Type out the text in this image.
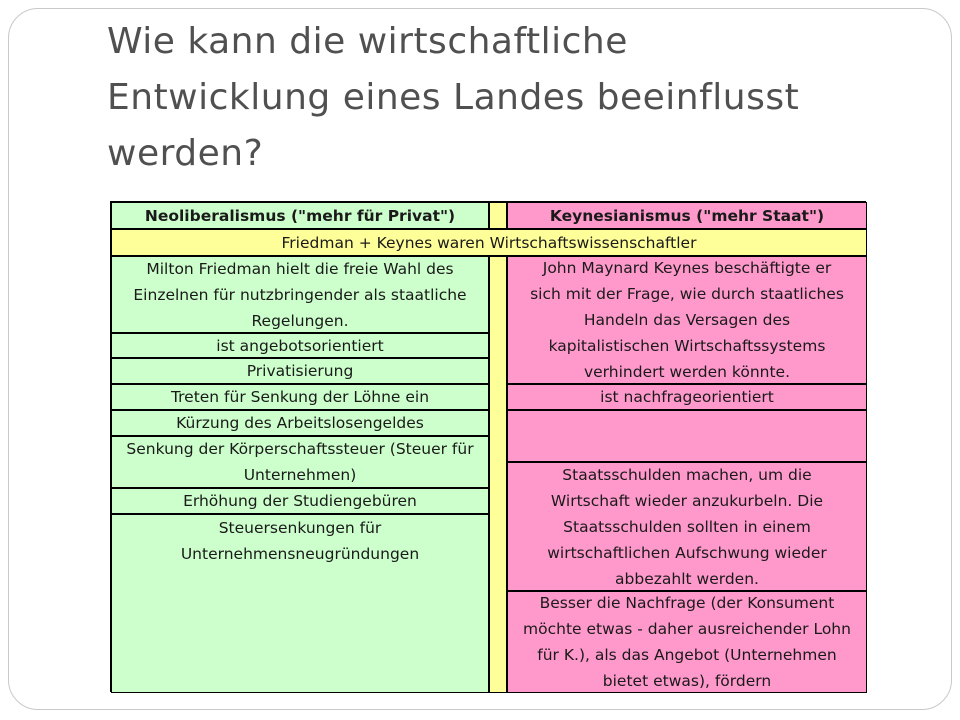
Wie kann die wirtschaftliche
Entwicklung eines Landes beeinflusst
werden?
Neoliberalismus ("mehr für Privat")	Keynesianismus ("mehr Staat")
Friedman + Keynes waren Wirtschaftswissenschaftler
Milton Friedman hielt die freie Wahl des
Einzelnen für nutzbringender als staatliche
Regelungen.
ist angebotsorientiert
Privatisierung
Treten für Senkung der Löhne ein
Kürzung des Arbeitslosengeldes
Senkung der Körperschaftssteuer (Steuer für
Unternehmen)
Erhöhung der Studiengebüren
Steuersenkungen für
Unternehmensneugründungen
John Maynard Keynes beschäftigte er
sich mit der Frage, wie durch staatliches
Handeln das Versagen des
kapitalistischen Wirtschaftssystems
verhindert werden könnte.
ist nachfrageorientiert
Staatsschulden machen, um die
Wirtschaft wieder anzukurbeln. Die
Staatsschulden sollten in einem
wirtschaftlichen Aufschwung wieder
abbezahlt werden.
Besser die Nachfrage (der Konsument
möchte etwas - daher ausreichender Lohn
für K.), als das Angebot (Unternehmen
bietet etwas), fördern
